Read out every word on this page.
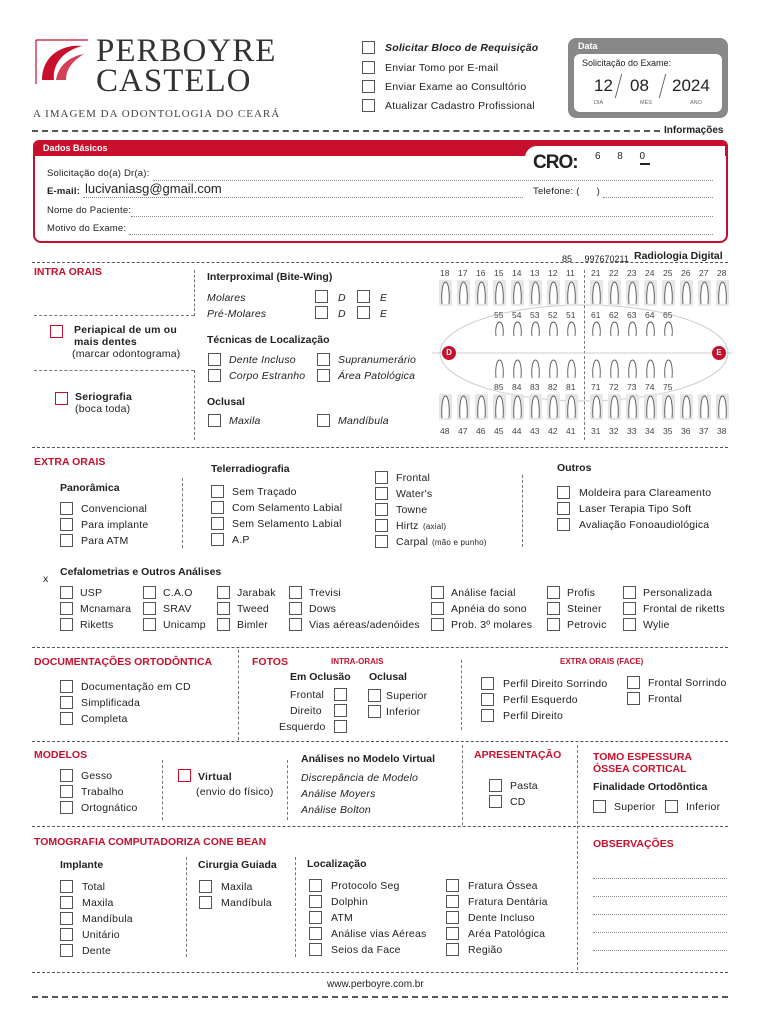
PERBOYRE
CASTELO
A IMAGEM DA ODONTOLOGIA DO CEARÁ
Solicitar Bloco de Requisição
Enviar Tomo por E-mail
Enviar Exame ao Consultório
Atualizar Cadastro Profissional
Data
Solicitação do Exame:
12 08 2024
DIA	MÊS	ANO
Informações
Dados Básicos
CRO: 6      8      0
Solicitação do(a) Dr(a):
E-mail: lucivaniasg@gmail.com	Telefone: (      )
Nome do Paciente:
Motivo do Exame:
85     997670211 Radiologia Digital
INTRA ORAIS
Periapical de um ou
mais dentes
(marcar odontograma)
Seriografia
(boca toda)
Interproximal (Bite-Wing)
Molares
Pré-Molares
D	E
D	E
Técnicas de Localização
Dente Incluso	Supranumerário
Corpo Estranho	Área Patológica
Oclusal
Maxila	Mandíbula
18 17 16 15 14 13 12 11 21 22 23 24 25 26 27 28
55 54 53 52 51 61 62 63 64 65
85 84 83 82 81 71 72 73 74 75
48 47 46 45 44 43 42 41 31 32 33 34 35 36 37 38
D	E
EXTRA ORAIS
Panorâmica
Convencional
Para implante
Para ATM
Telerradiografia
Sem Traçado
Com Selamento Labial
Sem Selamento Labial
A.P
Frontal
Water's
Towne
Hirtz (axial)
Carpal (mão e punho)
Outros
Moldeira para Clareamento
Laser Terapia Tipo Soft
Avaliação Fonoaudiológica
x
Cefalometrias e Outros Análises
USP	C.A.O	Jarabak	Trevisi	Análise facial	Profis	Personalizada
Mcnamara	SRAV	Tweed	Dows	Apnéia do sono	Steiner	Frontal de riketts
Riketts	Unicamp	Bimler	Vias aéreas/adenóides	Prob. 3º molares	Petrovic	Wylie
DOCUMENTAÇÕES ORTODÔNTICA
Documentação em CD
Simplificada
Completa
FOTOS	INTRA-ORAIS
Em Oclusão Oclusal
Frontal
Direito
Esquerdo
Superior
Inferior
EXTRA ORAIS (FACE)
Perfil Direito Sorrindo
Perfil Esquerdo
Perfil Direito
Frontal Sorrindo
Frontal
MODELOS
Gesso
Trabalho
Ortognático
Virtual
(envio do físico)
Análises no Modelo Virtual
Discrepância de Modelo
Análise Moyers
Análise Bolton
APRESENTAÇÃO
Pasta
CD
TOMO ESPESSURA
ÓSSEA CORTICAL
Finalidade Ortodôntica
Superior	Inferior
TOMOGRAFIA COMPUTADORIZA CONE BEAN
Implante
Total
Maxila
Mandíbula
Unitário
Dente
Cirurgia Guiada
Maxila
Mandíbula
Localização
Protocolo Seg
Dolphin
ATM
Análise vias Aéreas
Seios da Face
Fratura Óssea
Fratura Dentária
Dente Incluso
Aréa Patológica
Região
OBSERVAÇÕES
www.perboyre.com.br
